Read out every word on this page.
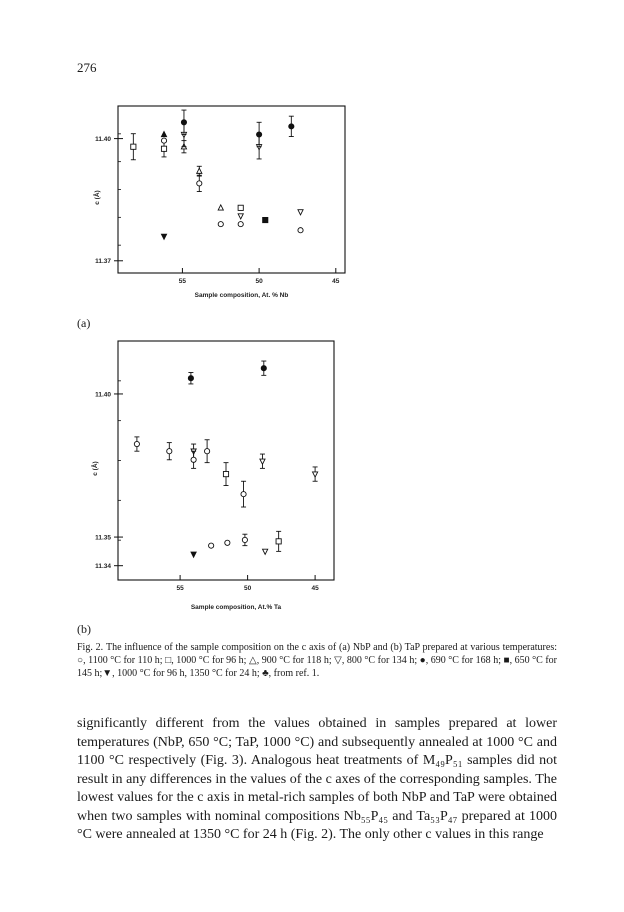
276
55	50	45
11.40
11.37
Sample composition, At. % Nb
c (Å)
(a)
55	50	45
11.40
11.35
11.34
Sample composition, At.% Ta
c (Å)
(b)
Fig. 2. The influence of the sample composition on the c axis of (a) NbP and (b) TaP prepared at various temperatures: ○, 1100 °C for 110 h; □, 1000 °C for 96 h; △, 900 °C for 118 h; ▽, 800 °C for 134 h; ●, 690 °C for 168 h; ■, 650 °C for 145 h;▼, 1000 °C for 96 h, 1350 °C for 24 h; ♣, from ref. 1.
significantly different from the values obtained in samples prepared at lower temperatures (NbP, 650 °C; TaP, 1000 °C) and subsequently annealed at 1000 °C and 1100 °C respectively (Fig. 3). Analogous heat treatments of M₄₉P₅₁ samples did not result in any differences in the values of the c axes of the corresponding samples. The lowest values for the c axis in metal-rich samples of both NbP and TaP were obtained when two samples with nominal compositions Nb₅₅P₄₅ and Ta₅₃P₄₇ prepared at 1000 °C were annealed at 1350 °C for 24 h (Fig. 2). The only other c values in this range
